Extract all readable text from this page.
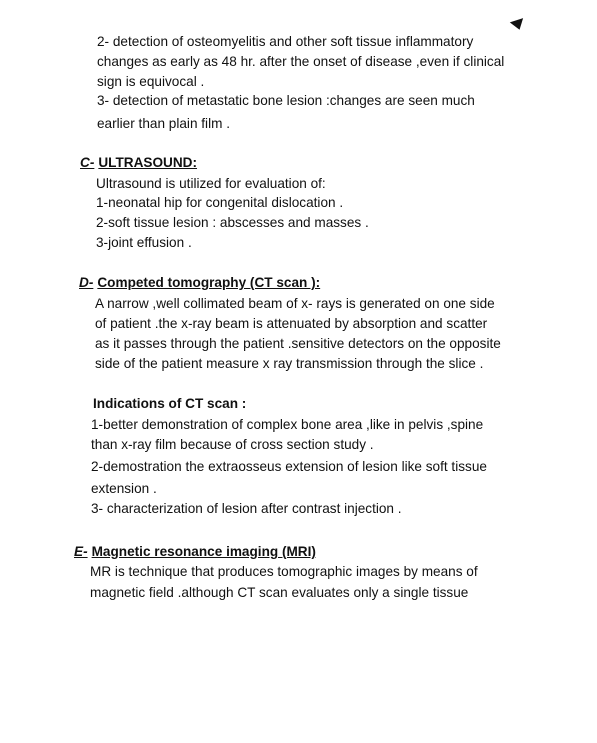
2- detection of osteomyelitis and other soft tissue inflammatory
changes as early as 48 hr. after the onset of disease ,even if clinical
sign is equivocal .
3- detection of metastatic bone lesion :changes are seen much
earlier than plain film .
C- ULTRASOUND:
Ultrasound is utilized for evaluation of:
1-neonatal hip for congenital dislocation .
2-soft tissue lesion : abscesses and masses .
3-joint effusion .
D- Competed tomography (CT scan ):
A narrow ,well collimated beam of x- rays is generated on one side
of patient .the x-ray beam is attenuated by absorption and scatter
as it passes through the patient .sensitive detectors on the opposite
side of the patient measure x ray transmission through the slice .
Indications of CT scan :
1-better demonstration of complex bone area ,like in pelvis ,spine
than x-ray film because of cross section study .
2-demostration the extraosseus extension of lesion like soft tissue
extension .
3- characterization of lesion after contrast injection .
E- Magnetic resonance imaging (MRI)
MR is technique that produces tomographic images by means of
magnetic field .although CT scan evaluates only a single tissue
